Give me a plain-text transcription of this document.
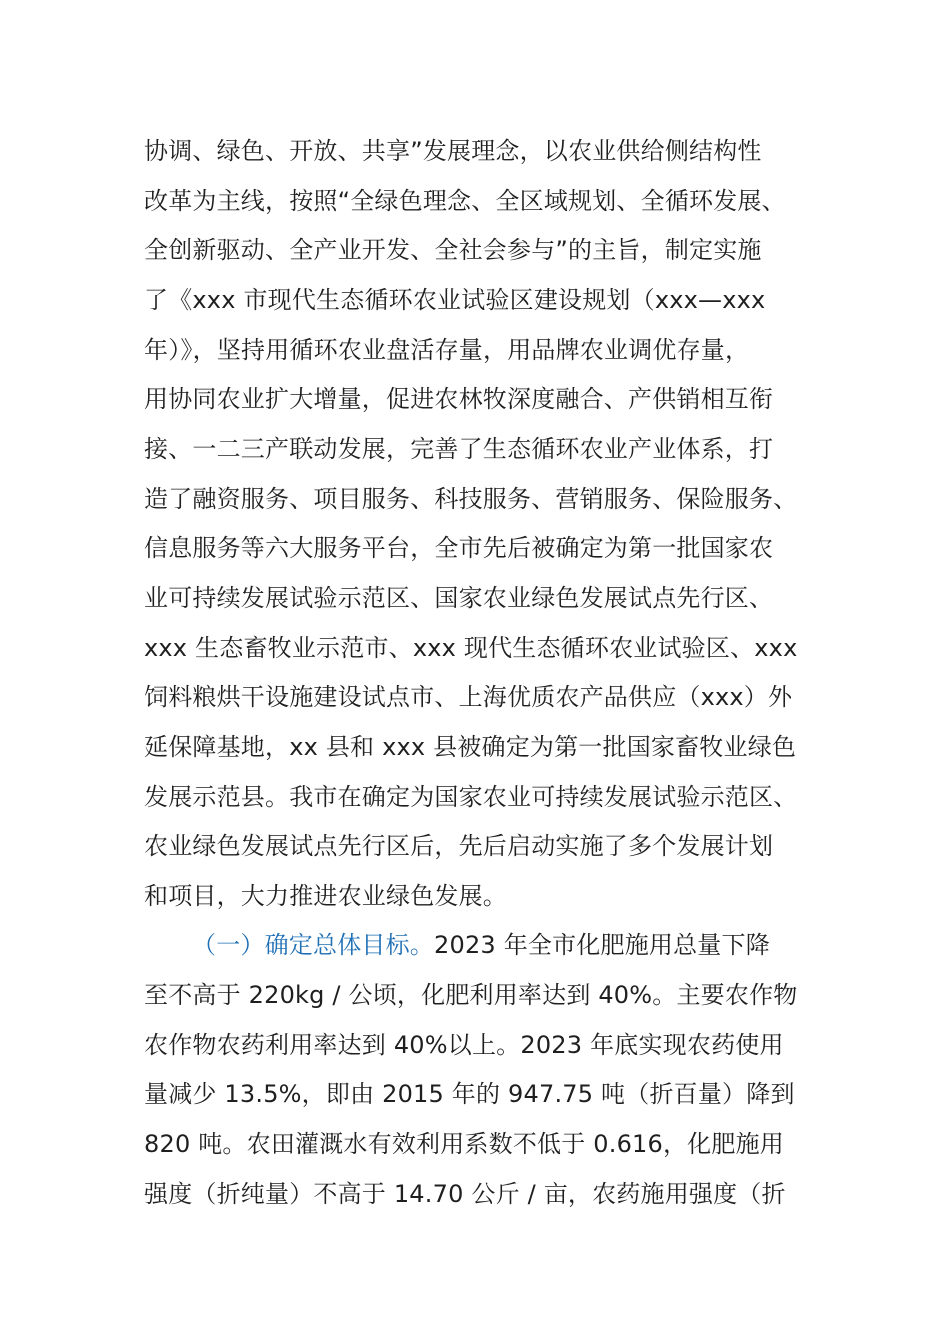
协调、绿色、开放、共享”发展理念，以农业供给侧结构性
改革为主线，按照“全绿色理念、全区域规划、全循环发展、
全创新驱动、全产业开发、全社会参与”的主旨，制定实施
了《xxx 市现代生态循环农业试验区建设规划（xxx—xxx
年）》，坚持用循环农业盘活存量，用品牌农业调优存量，
用协同农业扩大增量，促进农林牧深度融合、产供销相互衔
接、一二三产联动发展，完善了生态循环农业产业体系，打
造了融资服务、项目服务、科技服务、营销服务、保险服务、
信息服务等六大服务平台，全市先后被确定为第一批国家农
业可持续发展试验示范区、国家农业绿色发展试点先行区、
xxx 生态畜牧业示范市、xxx 现代生态循环农业试验区、xxx
饲料粮烘干设施建设试点市、上海优质农产品供应（xxx）外
延保障基地，xx 县和 xxx 县被确定为第一批国家畜牧业绿色
发展示范县。我市在确定为国家农业可持续发展试验示范区、
农业绿色发展试点先行区后，先后启动实施了多个发展计划
和项目，大力推进农业绿色发展。
（一）确定总体目标。2023 年全市化肥施用总量下降
至不高于 220kg / 公顷，化肥利用率达到 40%。主要农作物
农作物农药利用率达到 40%以上。2023 年底实现农药使用
量减少 13.5%，即由 2015 年的 947.75 吨（折百量）降到
820 吨。农田灌溉水有效利用系数不低于 0.616，化肥施用
强度（折纯量）不高于 14.70 公斤 / 亩，农药施用强度（折
